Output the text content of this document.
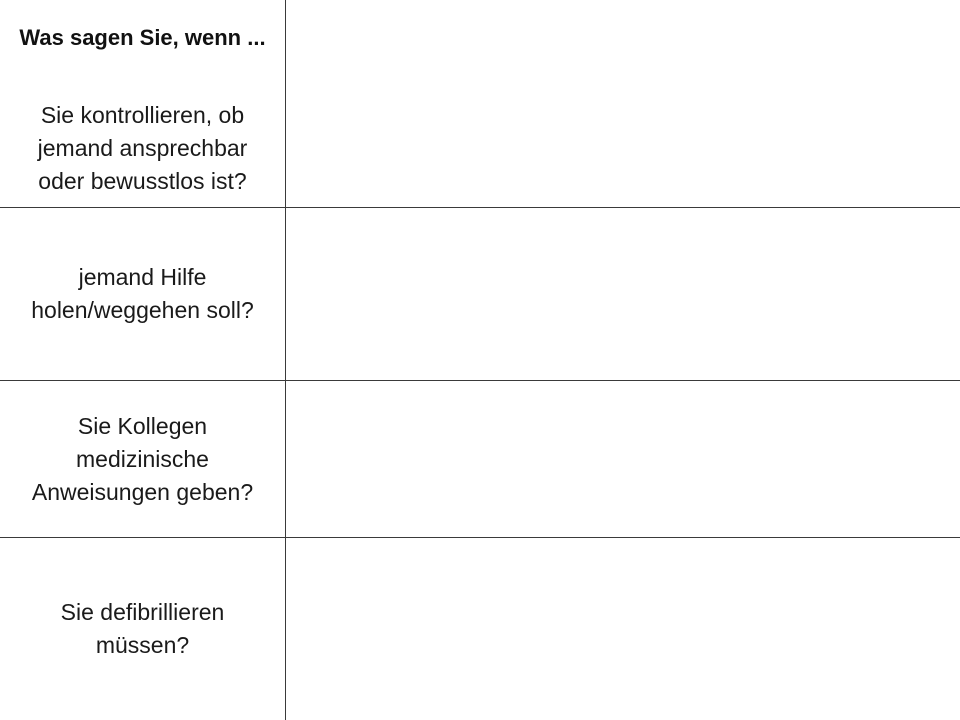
Was sagen Sie, wenn ...
Sie kontrollieren, ob jemand ansprechbar oder bewusstlos ist?
jemand Hilfe holen/weggehen soll?
Sie Kollegen medizinische Anweisungen geben?
Sie defibrillieren müssen?
